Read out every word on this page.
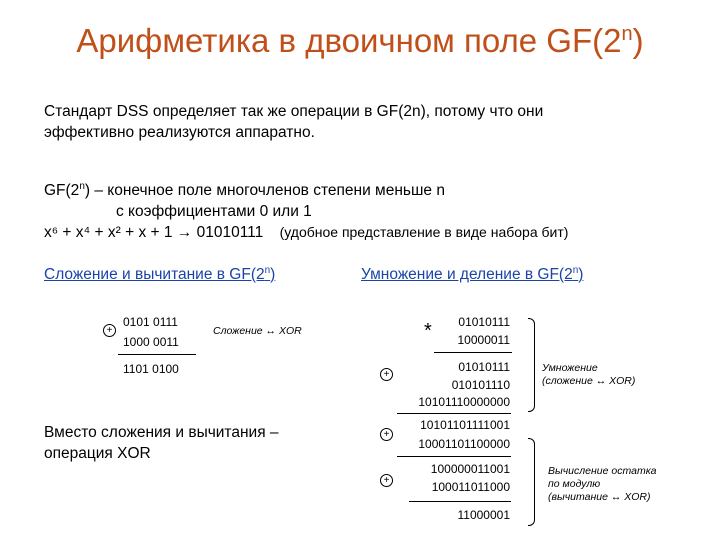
Арифметика в двоичном поле GF(2$^n$)
Стандарт DSS определяет так же операции в GF(2n), потому что они
эффективно реализуются аппаратно.
GF(2$^n$) – конечное поле многочленов степени меньше n
с коэффициентами 0 или 1
x⁶ + x⁴ + x² + x + 1 → 01010111 (удобное представление в виде набора бит)
Сложение и вычитание в GF(2$^n$)	Умножение и деление в $GF(2^n)$
+
0101 0111
1000 0011
1101 0100
Сложение ↔ XOR
Вместо сложения и вычитания –
операция XOR
*	01010111
10000011
+
01010111
010101110
10101110000000
+
10101101111001
10001101100000
+
100000011001
100011011000
11000001
Умножение
(сложение ↔ XOR)
Вычисление остатка
по модулю
(вычитание ↔ XOR)
